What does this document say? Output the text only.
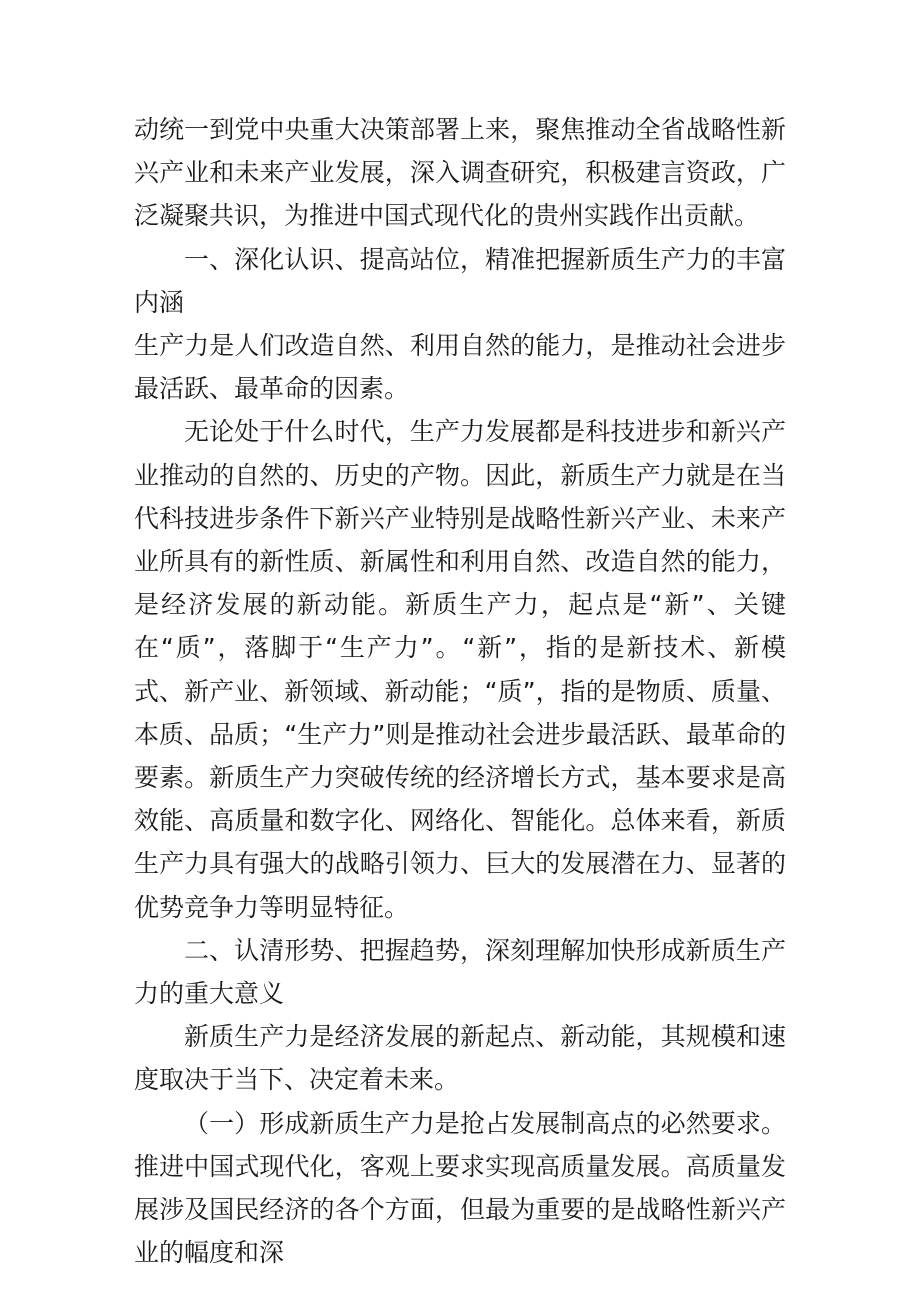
动统一到党中央重大决策部署上来，聚焦推动全省战略性新兴产业和未来产业发展，深入调查研究，积极建言资政，广泛凝聚共识，为推进中国式现代化的贵州实践作出贡献。

一、深化认识、提高站位，精准把握新质生产力的丰富内涵

生产力是人们改造自然、利用自然的能力，是推动社会进步最活跃、最革命的因素。

无论处于什么时代，生产力发展都是科技进步和新兴产业推动的自然的、历史的产物。因此，新质生产力就是在当代科技进步条件下新兴产业特别是战略性新兴产业、未来产业所具有的新性质、新属性和利用自然、改造自然的能力，是经济发展的新动能。新质生产力，起点是“新”、关键在“质”，落脚于“生产力”。“新”，指的是新技术、新模式、新产业、新领域、新动能；“质”，指的是物质、质量、本质、品质；“生产力”则是推动社会进步最活跃、最革命的要素。新质生产力突破传统的经济增长方式，基本要求是高效能、高质量和数字化、网络化、智能化。总体来看，新质生产力具有强大的战略引领力、巨大的发展潜在力、显著的优势竞争力等明显特征。

二、认清形势、把握趋势，深刻理解加快形成新质生产力的重大意义

新质生产力是经济发展的新起点、新动能，其规模和速度取决于当下、决定着未来。

（一）形成新质生产力是抢占发展制高点的必然要求。推进中国式现代化，客观上要求实现高质量发展。高质量发展涉及国民经济的各个方面，但最为重要的是战略性新兴产业的幅度和深
